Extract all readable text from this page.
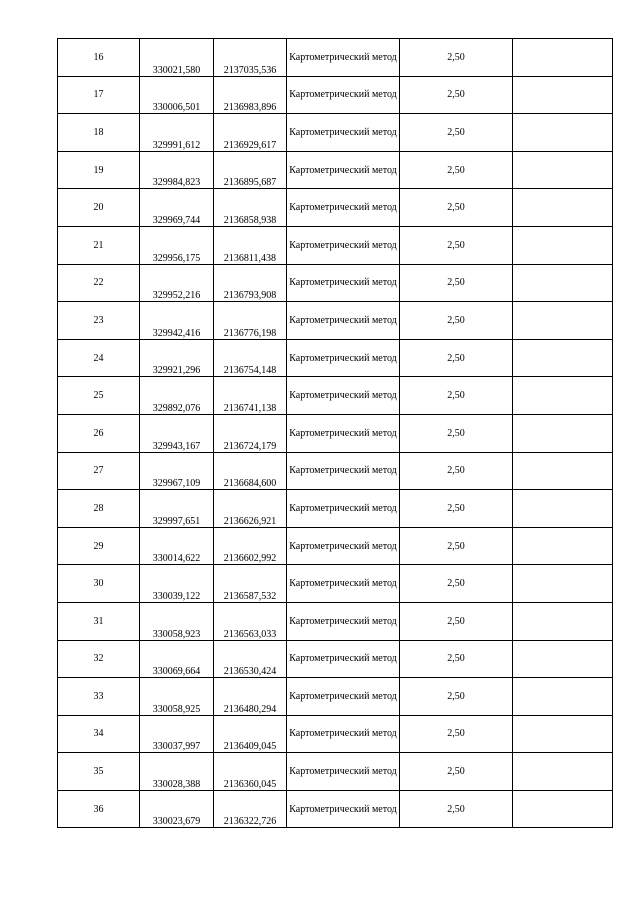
16	330021,580	2137035,536	Картометрический метод	2,50	
17	330006,501	2136983,896	Картометрический метод	2,50	
18	329991,612	2136929,617	Картометрический метод	2,50	
19	329984,823	2136895,687	Картометрический метод	2,50	
20	329969,744	2136858,938	Картометрический метод	2,50	
21	329956,175	2136811,438	Картометрический метод	2,50	
22	329952,216	2136793,908	Картометрический метод	2,50	
23	329942,416	2136776,198	Картометрический метод	2,50	
24	329921,296	2136754,148	Картометрический метод	2,50	
25	329892,076	2136741,138	Картометрический метод	2,50	
26	329943,167	2136724,179	Картометрический метод	2,50	
27	329967,109	2136684,600	Картометрический метод	2,50	
28	329997,651	2136626,921	Картометрический метод	2,50	
29	330014,622	2136602,992	Картометрический метод	2,50	
30	330039,122	2136587,532	Картометрический метод	2,50	
31	330058,923	2136563,033	Картометрический метод	2,50	
32	330069,664	2136530,424	Картометрический метод	2,50	
33	330058,925	2136480,294	Картометрический метод	2,50	
34	330037,997	2136409,045	Картометрический метод	2,50	
35	330028,388	2136360,045	Картометрический метод	2,50	
36	330023,679	2136322,726	Картометрический метод	2,50	
